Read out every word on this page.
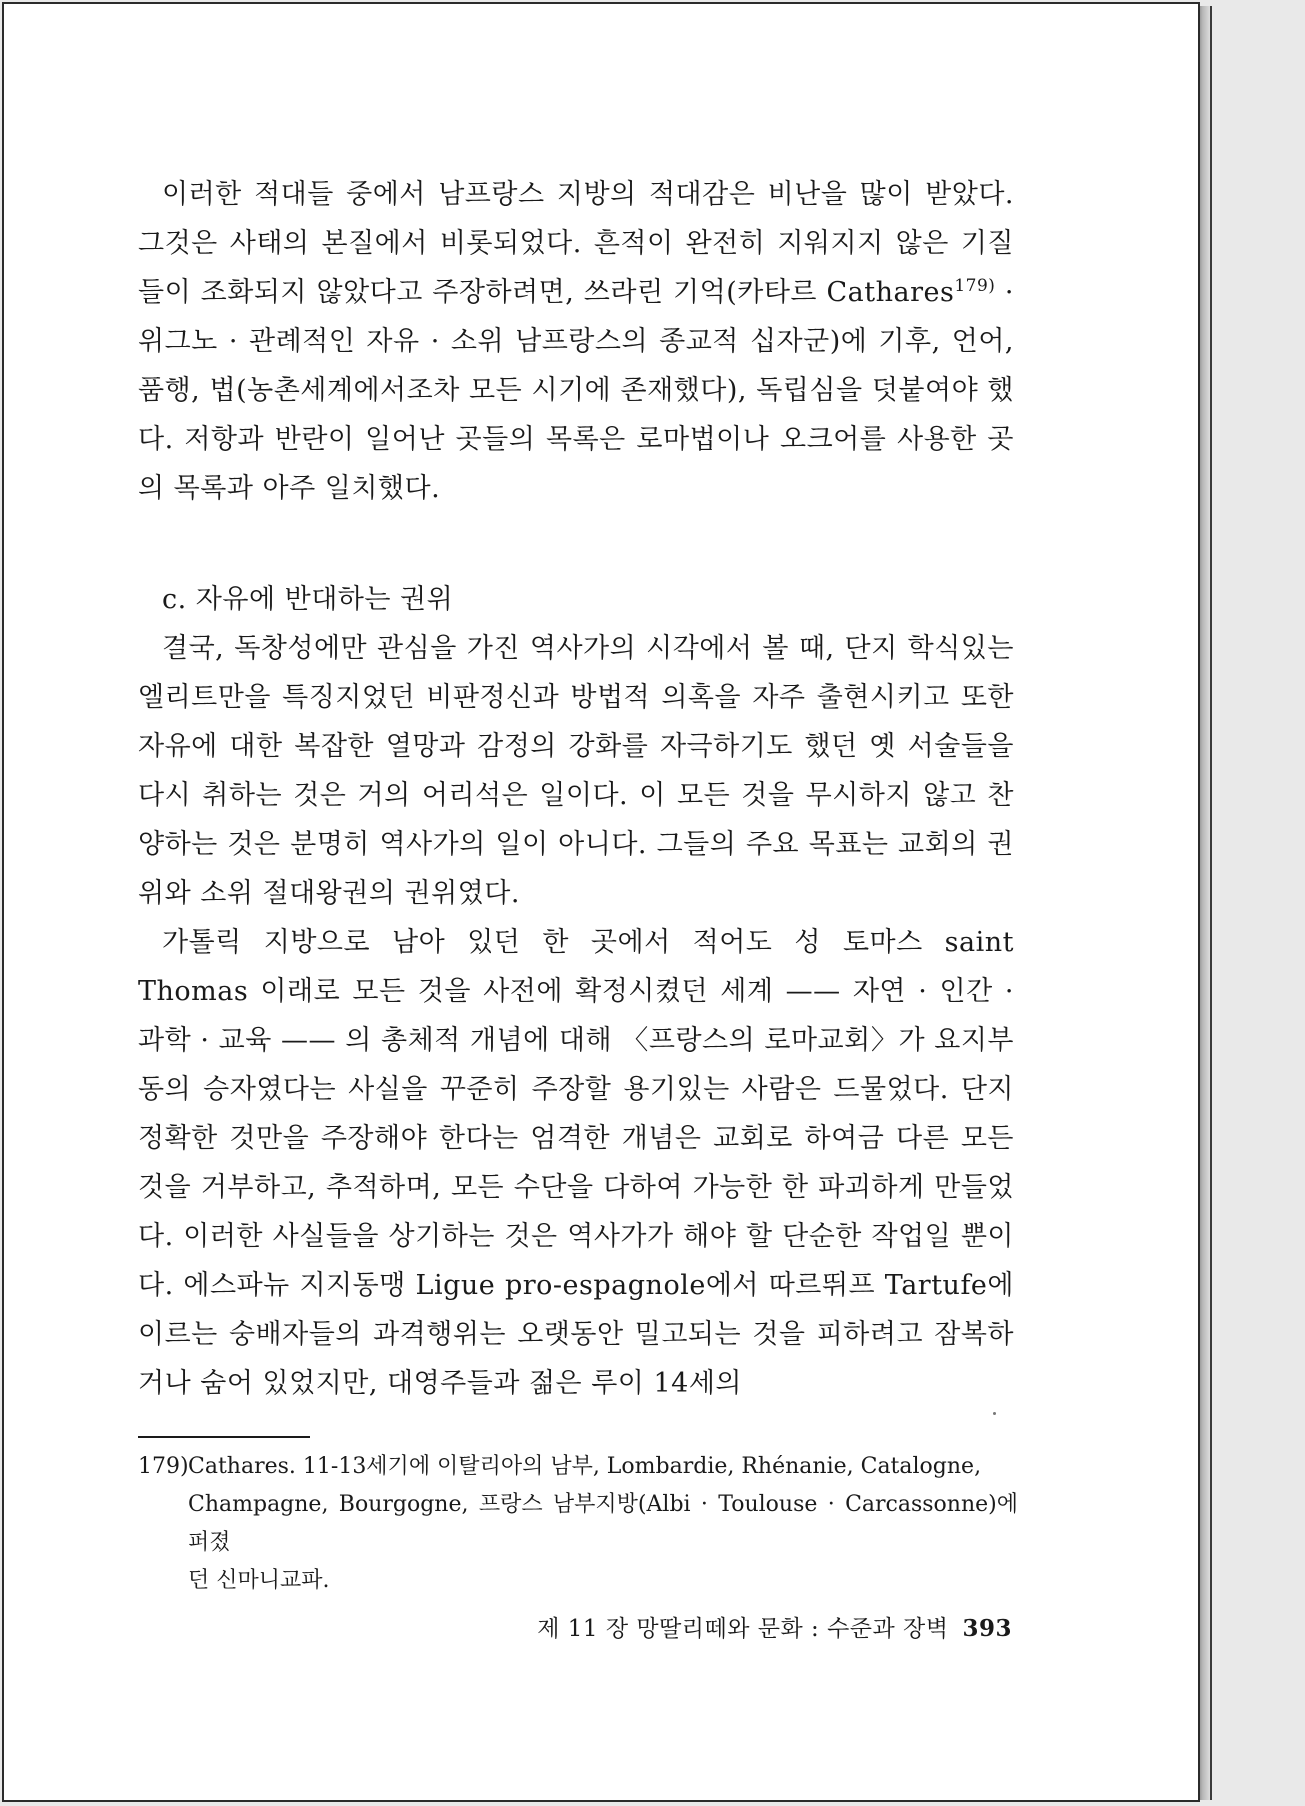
이러한 적대들 중에서 남프랑스 지방의 적대감은 비난을 많이 받았다. 그것은 사태의 본질에서 비롯되었다. 흔적이 완전히 지워지지 않은 기질들이 조화되지 않았다고 주장하려면, 쓰라린 기억(카타르 Cathares$^{179)}$ · 위그노 · 관례적인 자유 · 소위 남프랑스의 종교적 십자군)에 기후, 언어, 품행, 법(농촌세계에서조차 모든 시기에 존재했다), 독립심을 덧붙여야 했다. 저항과 반란이 일어난 곳들의 목록은 로마법이나 오크어를 사용한 곳의 목록과 아주 일치했다.

c. 자유에 반대하는 권위

결국, 독창성에만 관심을 가진 역사가의 시각에서 볼 때, 단지 학식있는 엘리트만을 특징지었던 비판정신과 방법적 의혹을 자주 출현시키고 또한 자유에 대한 복잡한 열망과 감정의 강화를 자극하기도 했던 옛 서술들을 다시 취하는 것은 거의 어리석은 일이다. 이 모든 것을 무시하지 않고 찬양하는 것은 분명히 역사가의 일이 아니다. 그들의 주요 목표는 교회의 권위와 소위 절대왕권의 권위였다.

가톨릭 지방으로 남아 있던 한 곳에서 적어도 성 토마스 saint Thomas 이래로 모든 것을 사전에 확정시켰던 세계 —— 자연 · 인간 · 과학 · 교육 —— 의 총체적 개념에 대해 〈프랑스의 로마교회〉가 요지부동의 승자였다는 사실을 꾸준히 주장할 용기있는 사람은 드물었다. 단지 정확한 것만을 주장해야 한다는 엄격한 개념은 교회로 하여금 다른 모든 것을 거부하고, 추적하며, 모든 수단을 다하여 가능한 한 파괴하게 만들었다. 이러한 사실들을 상기하는 것은 역사가가 해야 할 단순한 작업일 뿐이다. 에스파뉴 지지동맹 Ligue pro-espagnole에서 따르뛰프 Tartufe에 이르는 숭배자들의 과격행위는 오랫동안 밀고되는 것을 피하려고 잠복하거나 숨어 있었지만, 대영주들과 젊은 루이 14세의

179)Cathares. 11-13세기에 이탈리아의 남부, Lombardie, Rhénanie, Catalogne,
Champagne, Bourgogne, 프랑스 남부지방(Albi · Toulouse · Carcassonne)에 퍼졌
던 신마니교파.
제 11 장 망딸리떼와 문화 : 수준과 장벽 393
